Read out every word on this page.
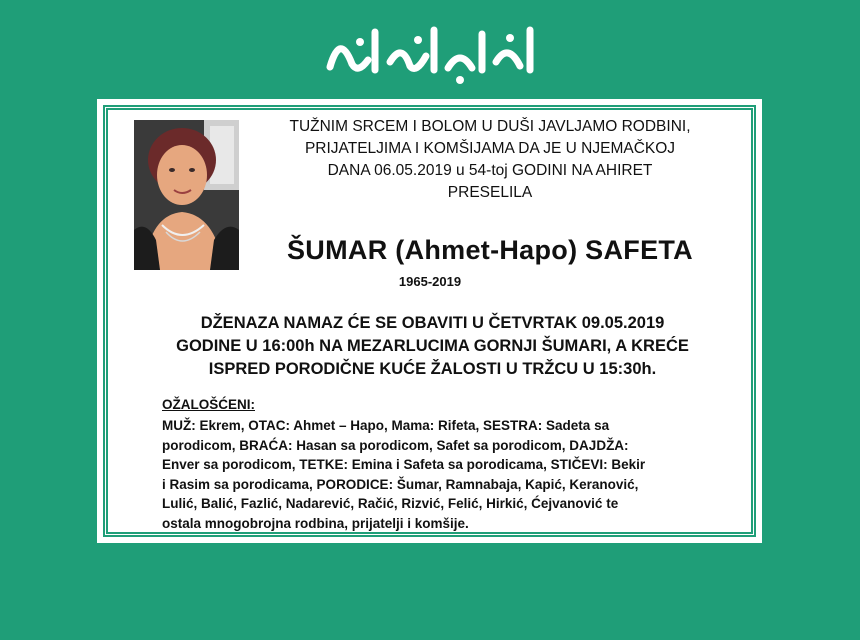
TUŽNIM SRCEM I BOLOM U DUŠI JAVLJAMO RODBINI,
PRIJATELJIMA I KOMŠIJAMA DA JE U NJEMAČKOJ
DANA 06.05.2019 u 54-toj GODINI NA AHIRET
PRESELILA
ŠUMAR (Ahmet-Hapo) SAFETA
1965-2019
DŽENAZA NAMAZ ĆE SE OBAVITI U ČETVRTAK 09.05.2019
GODINE U 16:00h NA MEZARLUCIMA GORNJI ŠUMARI, A KREĆE
ISPRED PORODIČNE KUĆE ŽALOSTI U TRŽCU U 15:30h.
OŽALOŠĆENI:
MUŽ: Ekrem, OTAC: Ahmet – Hapo, Mama: Rifeta, SESTRA: Sadeta sa
porodicom, BRAĆA: Hasan sa porodicom, Safet sa porodicom, DAJDŽA:
Enver sa porodicom, TETKE: Emina i Safeta sa porodicama, STIČEVI: Bekir
i Rasim sa porodicama, PORODICE: Šumar, Ramnabaja, Kapić, Keranović,
Lulić, Balić, Fazlić, Nadarević, Račić, Rizvić, Felić, Hirkić, Ćejvanović te
ostala mnogobrojna rodbina, prijatelji i komšije.
